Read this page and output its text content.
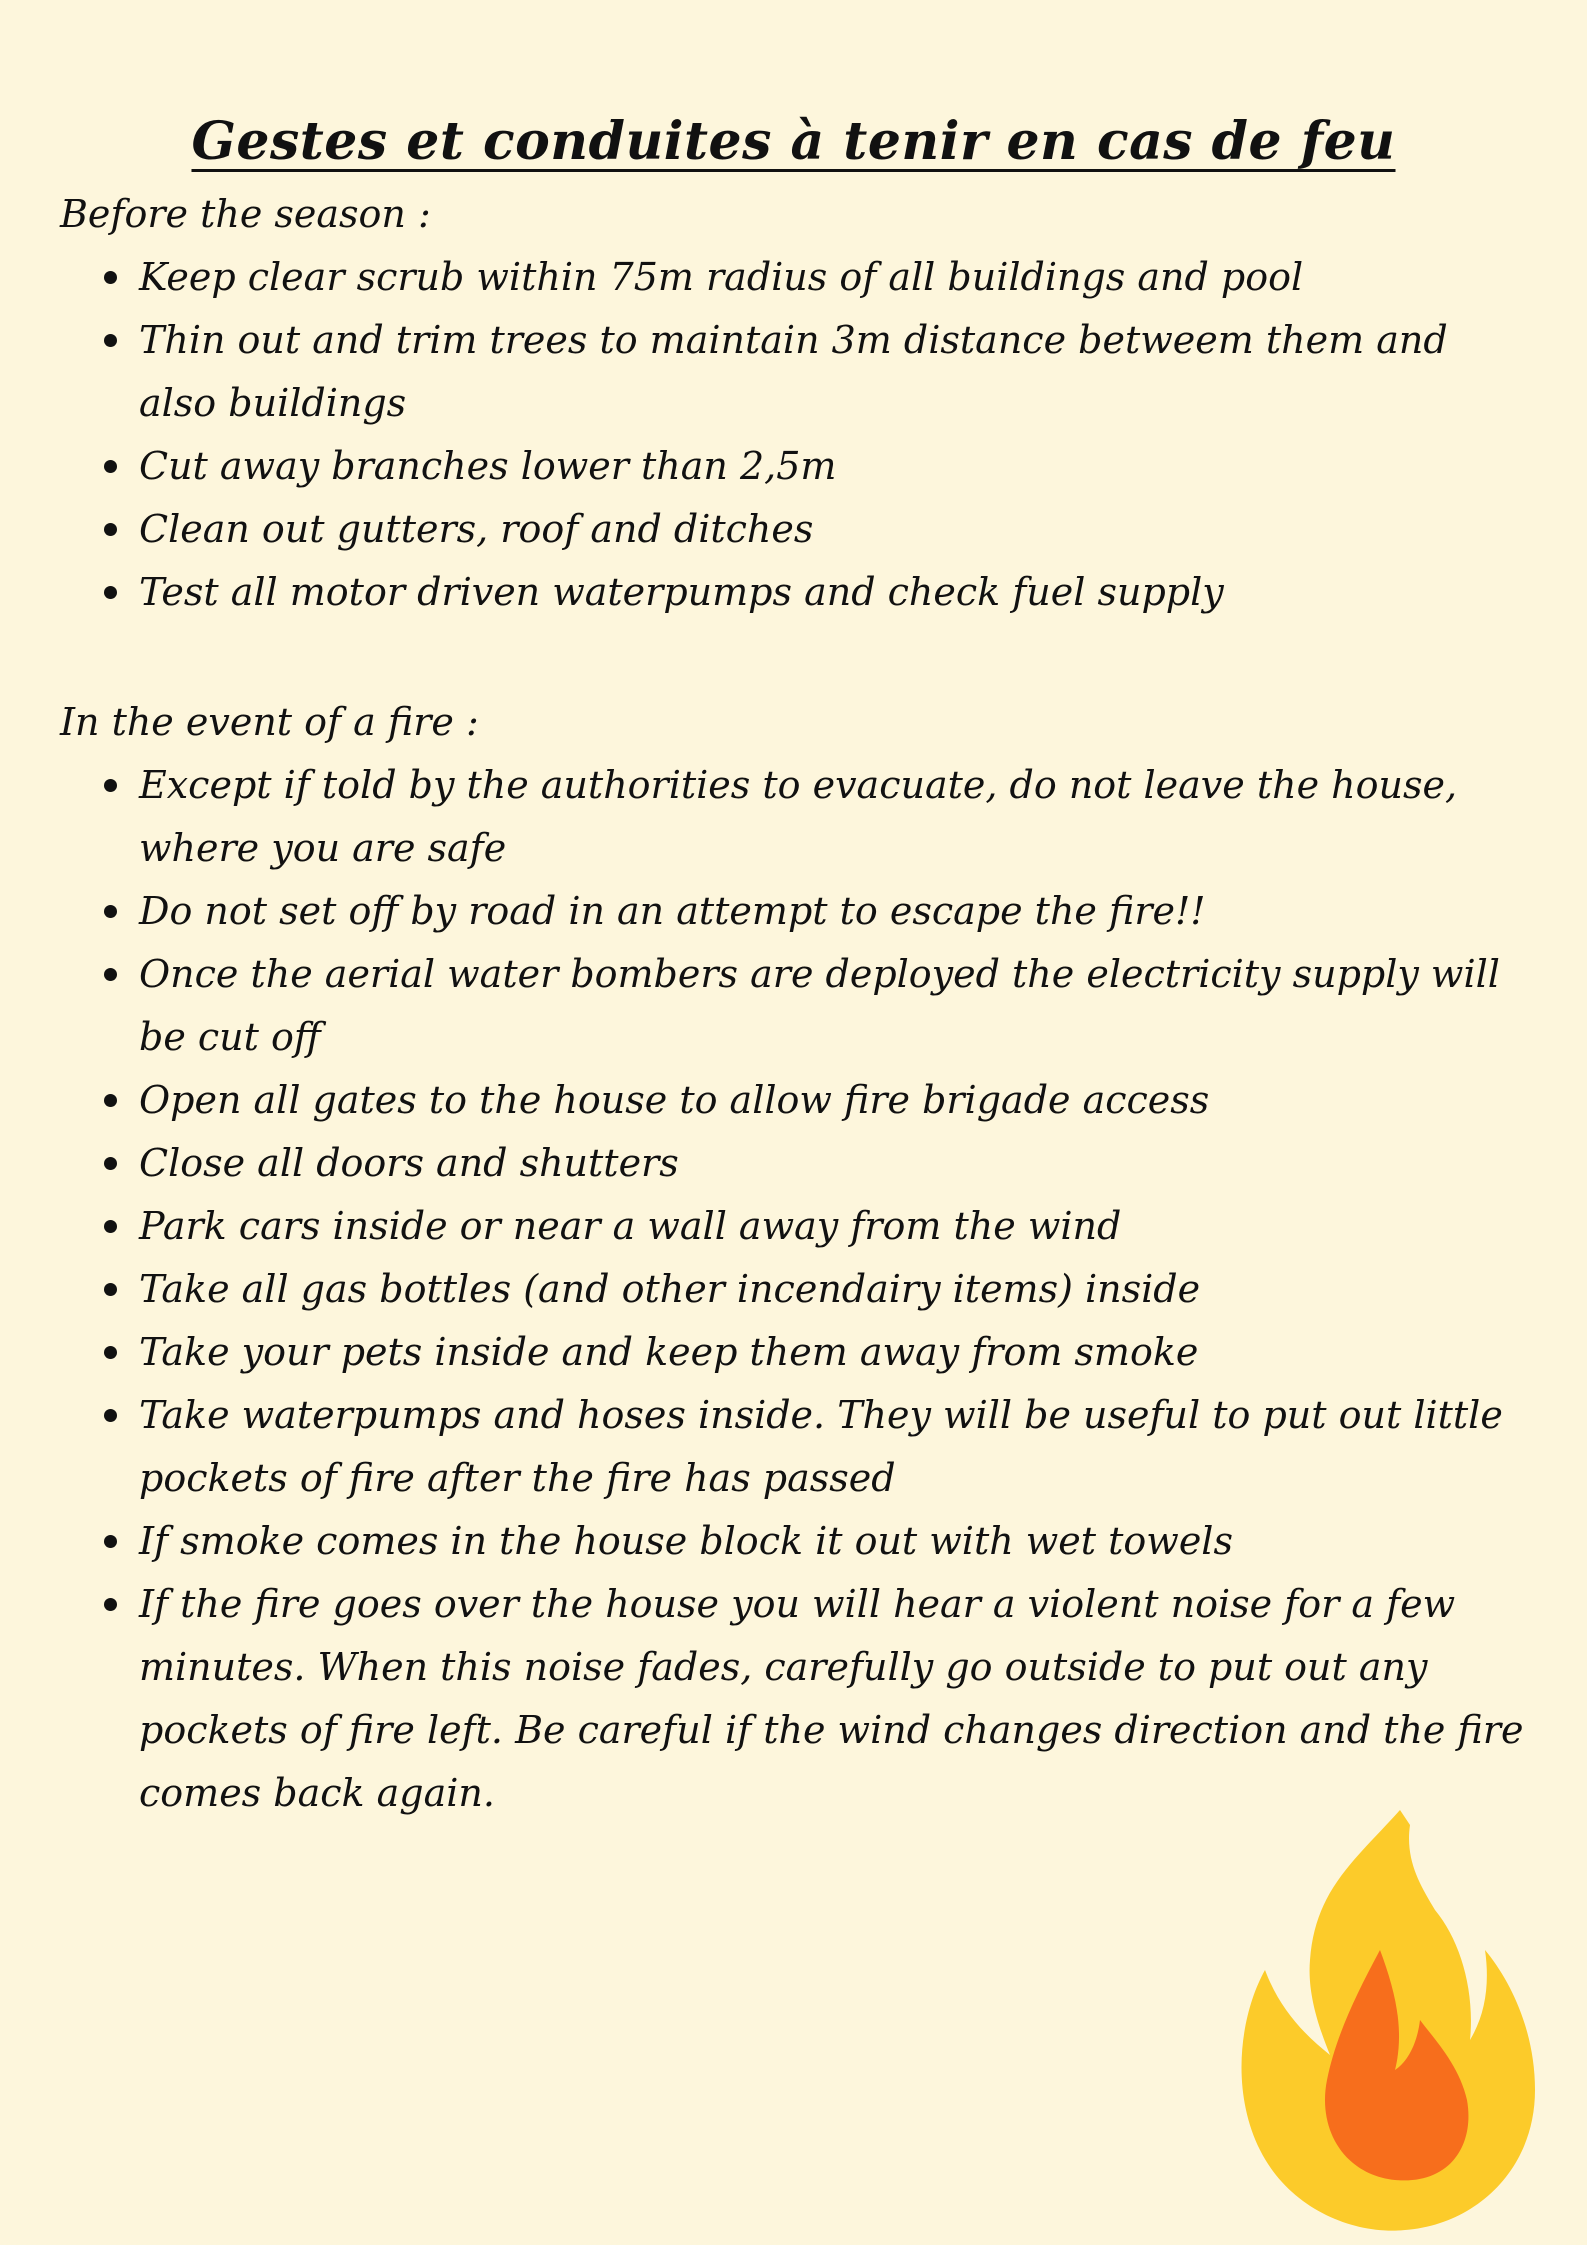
Gestes et conduites à tenir en cas de feu

Before the season :

Keep clear scrub within 75m radius of all buildings and pool
Thin out and trim trees to maintain 3m distance betweem them and also buildings
Cut away branches lower than 2,5m
Clean out gutters, roof and ditches
Test all motor driven waterpumps and check fuel supply

In the event of a fire :

Except if told by the authorities to evacuate, do not leave the house, where you are safe
Do not set off by road in an attempt to escape the fire!!
Once the aerial water bombers are deployed the electricity supply will be cut off
Open all gates to the house to allow fire brigade access
Close all doors and shutters
Park cars inside or near a wall away from the wind
Take all gas bottles (and other incendairy items) inside
Take your pets inside and keep them away from smoke
Take waterpumps and hoses inside. They will be useful to put out little pockets of fire after the fire has passed
If smoke comes in the house block it out with wet towels
If the fire goes over the house you will hear a violent noise for a few minutes. When this noise fades, carefully go outside to put out any pockets of fire left. Be careful if the wind changes direction and the fire comes back again.
